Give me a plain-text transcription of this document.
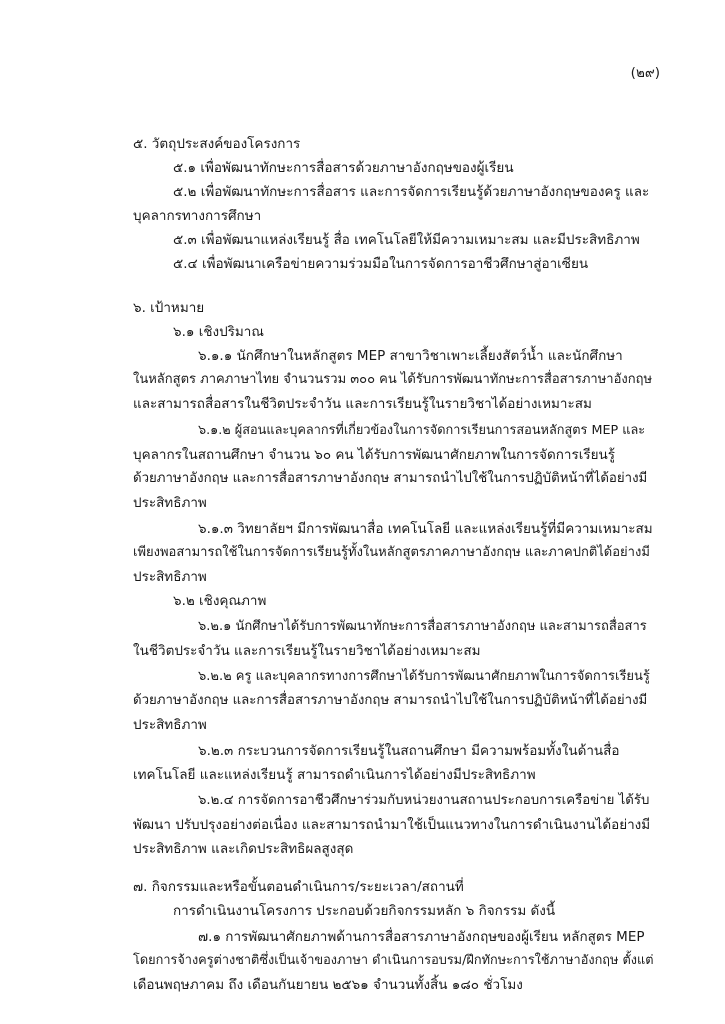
(๒๙)
๕. วัตถุประสงค์ของโครงการ
๕.๑ เพื่อพัฒนาทักษะการสื่อสารด้วยภาษาอังกฤษของผู้เรียน
๕.๒ เพื่อพัฒนาทักษะการสื่อสาร และการจัดการเรียนรู้ด้วยภาษาอังกฤษของครู และ
บุคลากรทางการศึกษา
๕.๓ เพื่อพัฒนาแหล่งเรียนรู้ สื่อ เทคโนโลยีให้มีความเหมาะสม และมีประสิทธิภาพ
๕.๔ เพื่อพัฒนาเครือข่ายความร่วมมือในการจัดการอาชีวศึกษาสู่อาเซียน
๖. เป้าหมาย
๖.๑ เชิงปริมาณ
๖.๑.๑ นักศึกษาในหลักสูตร MEP สาขาวิชาเพาะเลี้ยงสัตว์น้ำ และนักศึกษา
ในหลักสูตร ภาคภาษาไทย จำนวนรวม ๓๐๐ คน ได้รับการพัฒนาทักษะการสื่อสารภาษาอังกฤษ
และสามารถสื่อสารในชีวิตประจำวัน และการเรียนรู้ในรายวิชาได้อย่างเหมาะสม
๖.๑.๒ ผู้สอนและบุคลากรที่เกี่ยวข้องในการจัดการเรียนการสอนหลักสูตร MEP และ
บุคลากรในสถานศึกษา จำนวน ๖๐ คน ได้รับการพัฒนาศักยภาพในการจัดการเรียนรู้
ด้วยภาษาอังกฤษ และการสื่อสารภาษาอังกฤษ สามารถนำไปใช้ในการปฏิบัติหน้าที่ได้อย่างมี
ประสิทธิภาพ
๖.๑.๓ วิทยาลัยฯ มีการพัฒนาสื่อ เทคโนโลยี และแหล่งเรียนรู้ที่มีความเหมาะสม
เพียงพอสามารถใช้ในการจัดการเรียนรู้ทั้งในหลักสูตรภาคภาษาอังกฤษ และภาคปกติได้อย่างมี
ประสิทธิภาพ
๖.๒ เชิงคุณภาพ
๖.๒.๑ นักศึกษาได้รับการพัฒนาทักษะการสื่อสารภาษาอังกฤษ และสามารถสื่อสาร
ในชีวิตประจำวัน และการเรียนรู้ในรายวิชาได้อย่างเหมาะสม
๖.๒.๒ ครู และบุคลากรทางการศึกษาได้รับการพัฒนาศักยภาพในการจัดการเรียนรู้
ด้วยภาษาอังกฤษ และการสื่อสารภาษาอังกฤษ สามารถนำไปใช้ในการปฏิบัติหน้าที่ได้อย่างมี
ประสิทธิภาพ
๖.๒.๓ กระบวนการจัดการเรียนรู้ในสถานศึกษา มีความพร้อมทั้งในด้านสื่อ
เทคโนโลยี และแหล่งเรียนรู้ สามารถดำเนินการได้อย่างมีประสิทธิภาพ
๖.๒.๔ การจัดการอาชีวศึกษาร่วมกับหน่วยงานสถานประกอบการเครือข่าย ได้รับ
พัฒนา ปรับปรุงอย่างต่อเนื่อง และสามารถนำมาใช้เป็นแนวทางในการดำเนินงานได้อย่างมี
ประสิทธิภาพ และเกิดประสิทธิผลสูงสุด
๗. กิจกรรมและหรือขั้นตอนดำเนินการ/ระยะเวลา/สถานที่
การดำเนินงานโครงการ ประกอบด้วยกิจกรรมหลัก ๖ กิจกรรม ดังนี้
๗.๑ การพัฒนาศักยภาพด้านการสื่อสารภาษาอังกฤษของผู้เรียน หลักสูตร MEP
โดยการจ้างครูต่างชาติซึ่งเป็นเจ้าของภาษา ดำเนินการอบรม/ฝึกทักษะการใช้ภาษาอังกฤษ ตั้งแต่
เดือนพฤษภาคม ถึง เดือนกันยายน ๒๕๖๑ จำนวนทั้งสิ้น ๑๘๐ ชั่วโมง
